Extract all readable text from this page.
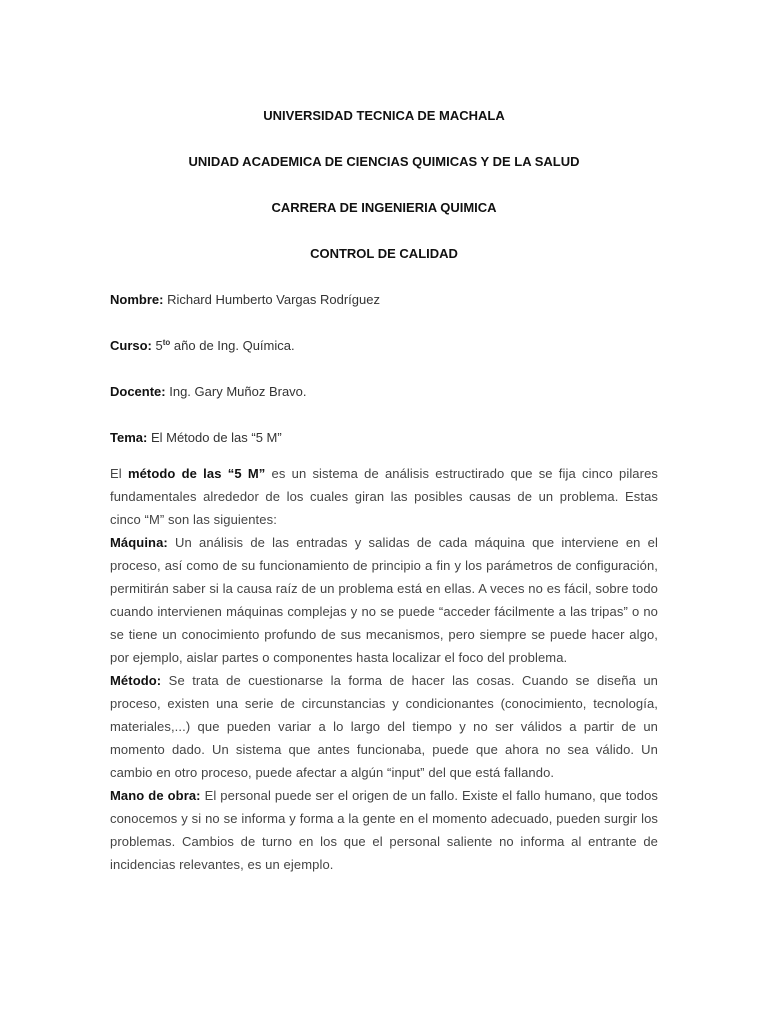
UNIVERSIDAD TECNICA DE MACHALA
UNIDAD ACADEMICA DE CIENCIAS QUIMICAS Y DE LA SALUD
CARRERA DE INGENIERIA QUIMICA
CONTROL DE CALIDAD
Nombre: Richard Humberto Vargas Rodríguez
Curso: $5^{to}$ año de Ing. Química.
Docente: Ing. Gary Muñoz Bravo.
Tema: El Método de las “5 M”

El método de las “5 M” es un sistema de análisis estructirado que se fija cinco pilares fundamentales alrededor de los cuales giran las posibles causas de un problema. Estas cinco “M” son las siguientes:

Máquina: Un análisis de las entradas y salidas de cada máquina que interviene en el proceso, así como de su funcionamiento de principio a fin y los parámetros de configuración, permitirán saber si la causa raíz de un problema está en ellas. A veces no es fácil, sobre todo cuando intervienen máquinas complejas y no se puede “acceder fácilmente a las tripas” o no se tiene un conocimiento profundo de sus mecanismos, pero siempre se puede hacer algo, por ejemplo, aislar partes o componentes hasta localizar el foco del problema.

Método: Se trata de cuestionarse la forma de hacer las cosas. Cuando se diseña un proceso, existen una serie de circunstancias y condicionantes (conocimiento, tecnología, materiales,...) que pueden variar a lo largo del tiempo y no ser válidos a partir de un momento dado. Un sistema que antes funcionaba, puede que ahora no sea válido. Un cambio en otro proceso, puede afectar a algún “input” del que está fallando.

Mano de obra: El personal puede ser el origen de un fallo. Existe el fallo humano, que todos conocemos y si no se informa y forma a la gente en el momento adecuado, pueden surgir los problemas. Cambios de turno en los que el personal saliente no informa al entrante de incidencias relevantes, es un ejemplo.
